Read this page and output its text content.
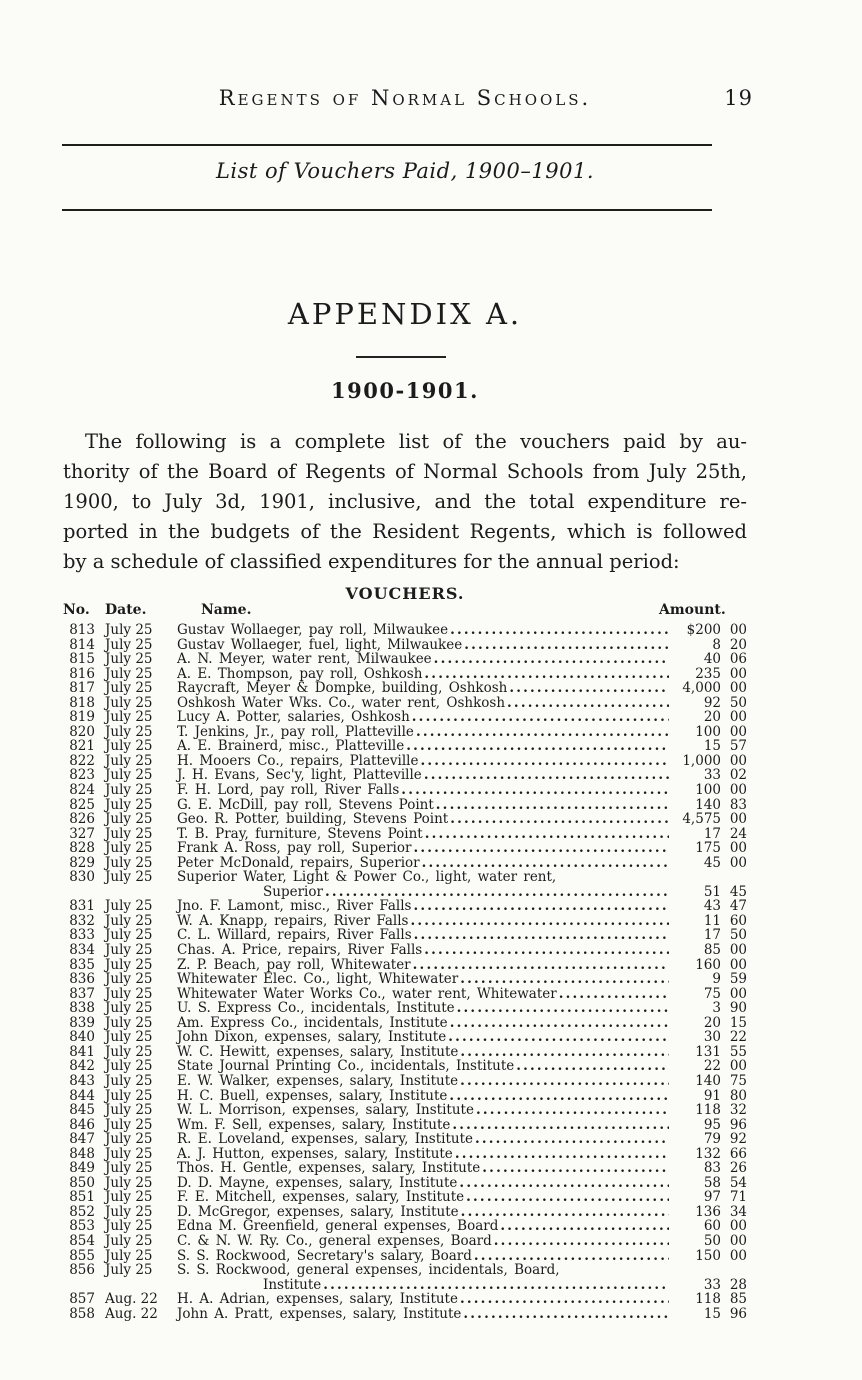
Regents of Normal Schools.	19
List of Vouchers Paid, 1900–1901.
APPENDIX A.
1900-1901.
The following is a complete list of the vouchers paid by au-
thority of the Board of Regents of Normal Schools from July 25th,
1900, to July 3d, 1901, inclusive, and the total expenditure re-
ported in the budgets of the Resident Regents, which is followed
by a schedule of classified expenditures for the annual period:
VOUCHERS.
No.	Date.	Name.	Amount.
813 July 25	Gustav Wollaeger, pay roll, Milwaukee .....	$200 00
814 July 25	Gustav Wollaeger, fuel, light, Milwaukee .....	8 20
815 July 25	A. N. Meyer, water rent, Milwaukee .....	40 06
816 July 25	A. E. Thompson, pay roll, Oshkosh .....	235 00
817 July 25	Raycraft, Meyer & Dompke, building, Oshkosh .....	4,000 00
818 July 25	Oshkosh Water Wks. Co., water rent, Oshkosh .....	92 50
819 July 25	Lucy A. Potter, salaries, Oshkosh .....	20 00
820 July 25	T. Jenkins, Jr., pay roll, Platteville .....	100 00
821 July 25	A. E. Brainerd, misc., Platteville .....	15 57
822 July 25	H. Mooers Co., repairs, Platteville .....	1,000 00
823 July 25	J. H. Evans, Sec'y, light, Platteville .....	33 02
824 July 25	F. H. Lord, pay roll, River Falls .....	100 00
825 July 25	G. E. McDill, pay roll, Stevens Point .....	140 83
826 July 25	Geo. R. Potter, building, Stevens Point .....	4,575 00
327 July 25	T. B. Pray, furniture, Stevens Point .....	17 24
828 July 25	Frank A. Ross, pay roll, Superior .....	175 00
829 July 25	Peter McDonald, repairs, Superior .....	45 00
830 July 25	Superior Water, Light & Power Co., light, water rent,
Superior .....	51 45
831 July 25	Jno. F. Lamont, misc., River Falls .....	43 47
832 July 25	W. A. Knapp, repairs, River Falls .....	11 60
833 July 25	C. L. Willard, repairs, River Falls .....	17 50
834 July 25	Chas. A. Price, repairs, River Falls .....	85 00
835 July 25	Z. P. Beach, pay roll, Whitewater .....	160 00
836 July 25	Whitewater Elec. Co., light, Whitewater .....	9 59
837 July 25	Whitewater Water Works Co., water rent, Whitewater .....	75 00
838 July 25	U. S. Express Co., incidentals, Institute .....	3 90
839 July 25	Am. Express Co., incidentals, Institute .....	20 15
840 July 25	John Dixon, expenses, salary, Institute .....	30 22
841 July 25	W. C. Hewitt, expenses, salary, Institute .....	131 55
842 July 25	State Journal Printing Co., incidentals, Institute .....	22 00
843 July 25	E. W. Walker, expenses, salary, Institute .....	140 75
844 July 25	H. C. Buell, expenses, salary, Institute .....	91 80
845 July 25	W. L. Morrison, expenses, salary, Institute .....	118 32
846 July 25	Wm. F. Sell, expenses, salary, Institute .....	95 96
847 July 25	R. E. Loveland, expenses, salary, Institute .....	79 92
848 July 25	A. J. Hutton, expenses, salary, Institute .....	132 66
849 July 25	Thos. H. Gentle, expenses, salary, Institute .....	83 26
850 July 25	D. D. Mayne, expenses, salary, Institute .....	58 54
851 July 25	F. E. Mitchell, expenses, salary, Institute .....	97 71
852 July 25	D. McGregor, expenses, salary, Institute .....	136 34
853 July 25	Edna M. Greenfield, general expenses, Board .....	60 00
854 July 25	C. & N. W. Ry. Co., general expenses, Board .....	50 00
855 July 25	S. S. Rockwood, Secretary's salary, Board .....	150 00
856 July 25	S. S. Rockwood, general expenses, incidentals, Board,
Institute .....	33 28
857 Aug. 22	H. A. Adrian, expenses, salary, Institute .....	118 85
858 Aug. 22	John A. Pratt, expenses, salary, Institute .....	15 96
